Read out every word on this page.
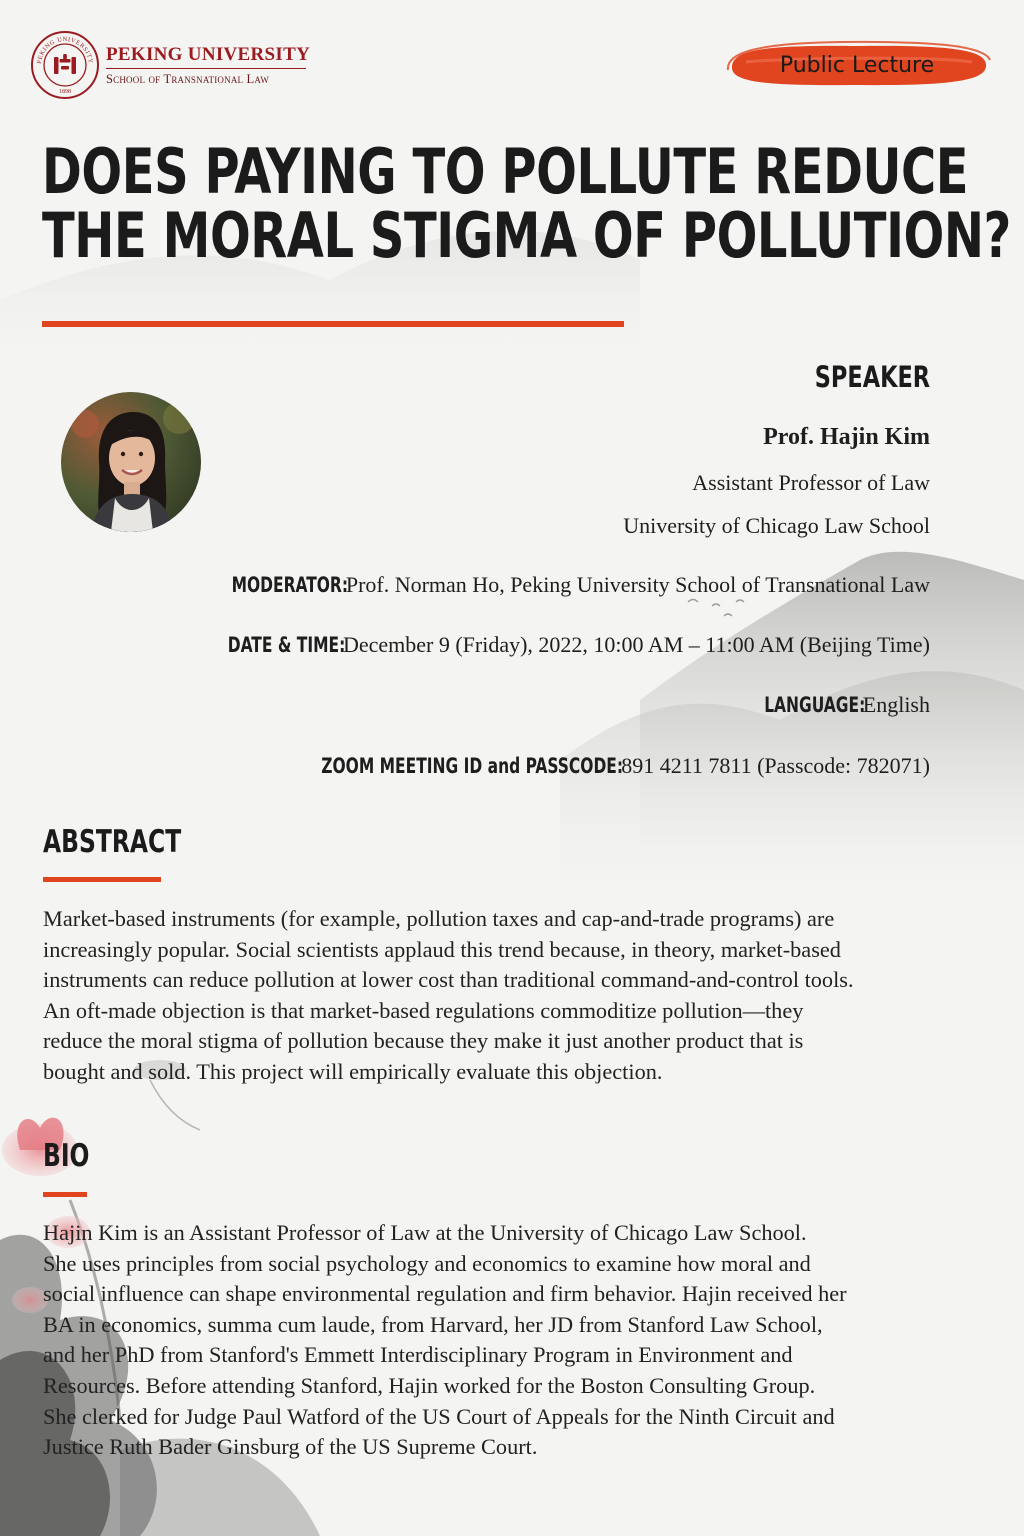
PEKING UNIVERSITY
1898
PEKING UNIVERSITY
School of Transnational Law
Public Lecture
DOES PAYING TO POLLUTE REDUCE
THE MORAL STIGMA OF POLLUTION?
SPEAKER
Prof. Hajin Kim
Assistant Professor of Law
University of Chicago Law School
MODERATOR:
Prof. Norman Ho, Peking University School of Transnational Law
DATE & TIME:
December 9 (Friday), 2022, 10:00 AM – 11:00 AM (Beijing Time)
LANGUAGE:
English
ZOOM MEETING ID and PASSCODE:
891 4211 7811 (Passcode: 782071)
ABSTRACT

Market-based instruments (for example, pollution taxes and cap-and-trade programs) are
increasingly popular. Social scientists applaud this trend because, in theory, market-based
instruments can reduce pollution at lower cost than traditional command-and-control tools.
An oft-made objection is that market-based regulations commoditize pollution—they
reduce the moral stigma of pollution because they make it just another product that is
bought and sold. This project will empirically evaluate this objection.

BIO

Hajin Kim is an Assistant Professor of Law at the University of Chicago Law School.
She uses principles from social psychology and economics to examine how moral and
social influence can shape environmental regulation and firm behavior. Hajin received her
BA in economics, summa cum laude, from Harvard, her JD from Stanford Law School,
and her PhD from Stanford's Emmett Interdisciplinary Program in Environment and
Resources. Before attending Stanford, Hajin worked for the Boston Consulting Group.
She clerked for Judge Paul Watford of the US Court of Appeals for the Ninth Circuit and
Justice Ruth Bader Ginsburg of the US Supreme Court.
